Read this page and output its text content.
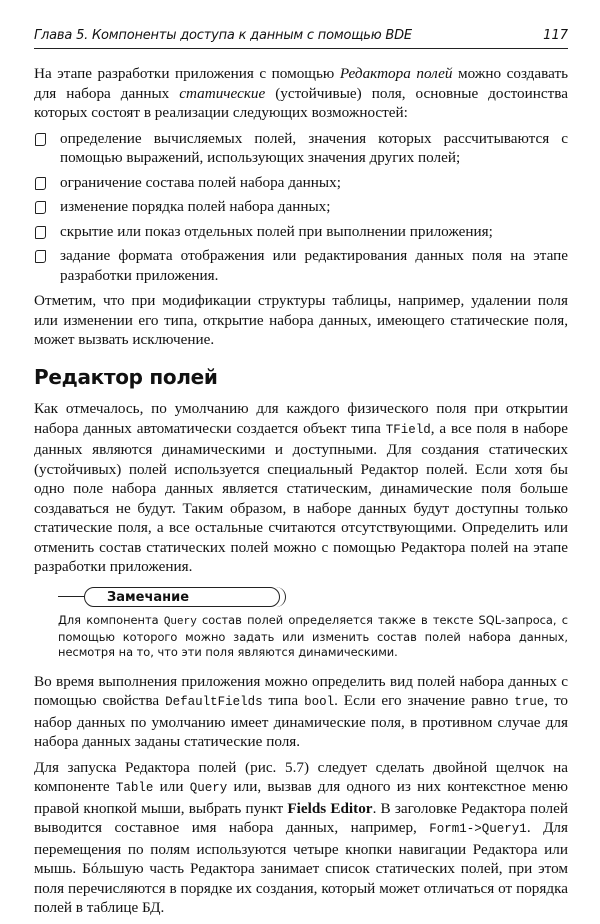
Глава 5. Компоненты доступа к данным с помощью BDE	117

На этапе разработки приложения с помощью Редактора полей можно создавать для набора данных статические (устойчивые) поля, основные достоинства которых состоят в реализации следующих возможностей:

определение вычисляемых полей, значения которых рассчитываются с помощью выражений, использующих значения других полей;
ограничение состава полей набора данных;
изменение порядка полей набора данных;
скрытие или показ отдельных полей при выполнении приложения;
задание формата отображения или редактирования данных поля на этапе разработки приложения.

Отметим, что при модификации структуры таблицы, например, удалении поля или изменении его типа, открытие набора данных, имеющего статические поля, может вызвать исключение.

Редактор полей

Как отмечалось, по умолчанию для каждого физического поля при открытии набора данных автоматически создается объект типа TField, а все поля в наборе данных являются динамическими и доступными. Для создания статических (устойчивых) полей используется специальный Редактор полей. Если хотя бы одно поле набора данных является статическим, динамические поля больше создаваться не будут. Таким образом, в наборе данных будут доступны только статические поля, а все остальные считаются отсутствующими. Определить или отменить состав статических полей можно с помощью Редактора полей на этапе разработки приложения.

Замечание
Для компонента Query состав полей определяется также в тексте SQL-запроса, с помощью которого можно задать или изменить состав полей набора данных, несмотря на то, что эти поля являются динамическими.

Во время выполнения приложения можно определить вид полей набора данных с помощью свойства DefaultFields типа bool. Если его значение равно true, то набор данных по умолчанию имеет динамические поля, в противном случае для набора данных заданы статические поля.

Для запуска Редактора полей (рис. 5.7) следует сделать двойной щелчок на компоненте Table или Query или, вызвав для одного из них контекстное меню правой кнопкой мыши, выбрать пункт Fields Editor. В заголовке Редактора полей выводится составное имя набора данных, например, Form1->Query1. Для перемещения по полям используются четыре кнопки навигации Редактора или мышь. Бóльшую часть Редактора занимает список статических полей, при этом поля перечисляются в порядке их создания, который может отличаться от порядка полей в таблице БД.
